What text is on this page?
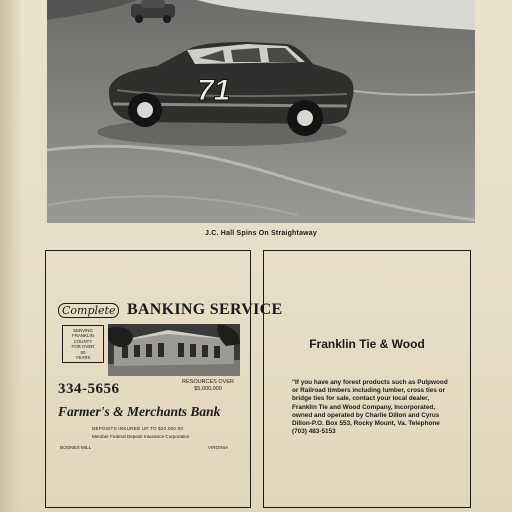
71
J.C. Hall Spins On Straightaway
Complete BANKING SERVICE
SERVING
FRANKLIN
COUNTY
FOR OVER
50
YEARS
RESOURCES OVER
$5,000,000
334-5656
Farmer's & Merchants Bank
DEPOSITS INSURED UP TO $20,000.00
Member Federal Deposit Insurance Corporation
BOONES MILL	VIRGINIA
Franklin Tie & Wood
"If you have any forest products such as Pulpwood or Railroad timbers including lumber, cross ties or bridge ties for sale, contact your local dealer, Franklin Tie and Wood Company, Incorporated, owned and operated by Charlie Dillon and Cyrus Dillon-P.O. Box 553, Rocky Mount, Va. Telephone (703) 483-5153
